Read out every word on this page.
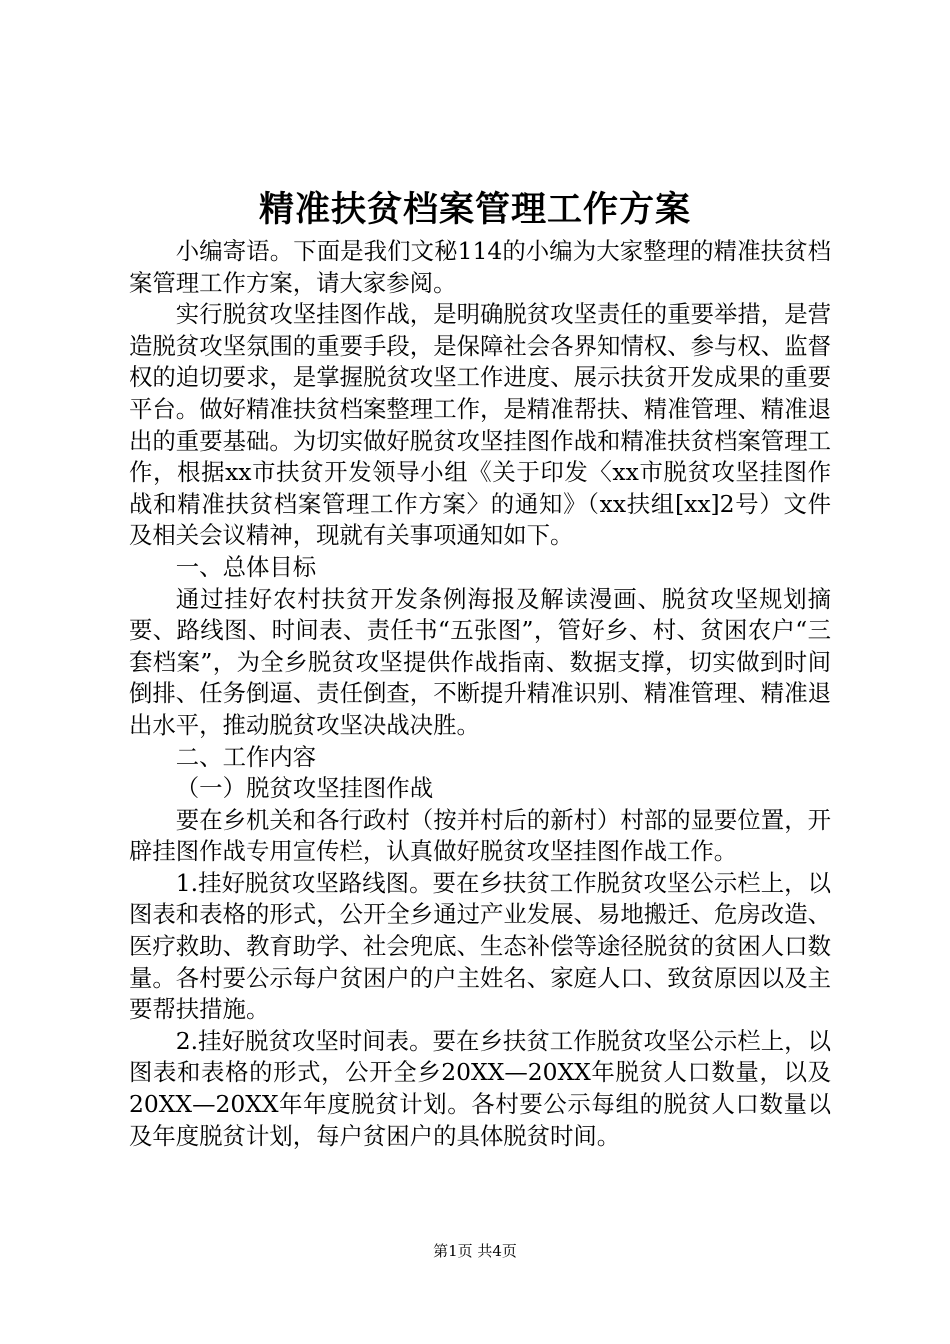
精准扶贫档案管理工作方案

小编寄语。下面是我们文秘114的小编为大家整理的精准扶贫档案管理工作方案，请大家参阅。

实行脱贫攻坚挂图作战，是明确脱贫攻坚责任的重要举措，是营造脱贫攻坚氛围的重要手段，是保障社会各界知情权、参与权、监督权的迫切要求，是掌握脱贫攻坚工作进度、展示扶贫开发成果的重要平台。做好精准扶贫档案整理工作，是精准帮扶、精准管理、精准退出的重要基础。为切实做好脱贫攻坚挂图作战和精准扶贫档案管理工作，根据xx市扶贫开发领导小组《关于印发〈xx市脱贫攻坚挂图作战和精准扶贫档案管理工作方案〉的通知》（xx扶组[xx]2号）文件及相关会议精神，现就有关事项通知如下。

一、总体目标

通过挂好农村扶贫开发条例海报及解读漫画、脱贫攻坚规划摘要、路线图、时间表、责任书“五张图”，管好乡、村、贫困农户“三套档案”，为全乡脱贫攻坚提供作战指南、数据支撑，切实做到时间倒排、任务倒逼、责任倒查，不断提升精准识别、精准管理、精准退出水平，推动脱贫攻坚决战决胜。

二、工作内容

（一）脱贫攻坚挂图作战

要在乡机关和各行政村（按并村后的新村）村部的显要位置，开辟挂图作战专用宣传栏，认真做好脱贫攻坚挂图作战工作。

1.挂好脱贫攻坚路线图。要在乡扶贫工作脱贫攻坚公示栏上，以图表和表格的形式，公开全乡通过产业发展、易地搬迁、危房改造、医疗救助、教育助学、社会兜底、生态补偿等途径脱贫的贫困人口数量。各村要公示每户贫困户的户主姓名、家庭人口、致贫原因以及主要帮扶措施。

2.挂好脱贫攻坚时间表。要在乡扶贫工作脱贫攻坚公示栏上，以图表和表格的形式，公开全乡20XX—20XX年脱贫人口数量，以及20XX—20XX年年度脱贫计划。各村要公示每组的脱贫人口数量以及年度脱贫计划，每户贫困户的具体脱贫时间。

第1页 共4页
